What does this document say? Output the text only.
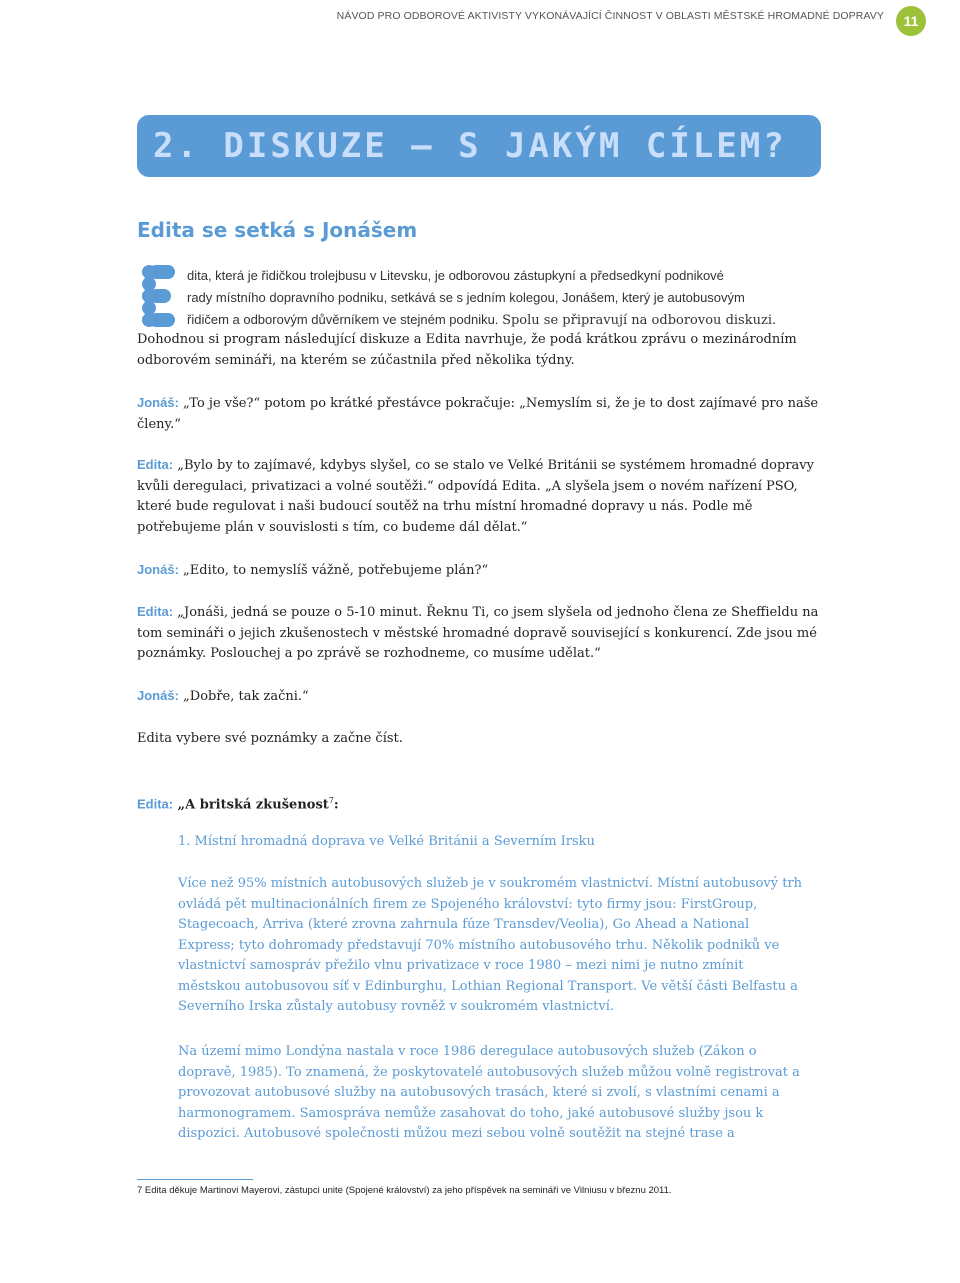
NÁVOD PRO ODBOROVÉ AKTIVISTY VYKONÁVAJÍCÍ ČINNOST V OBLASTI MĚSTSKÉ HROMADNÉ DOPRAVY	11
2. DISKUZE – S JAKÝM CÍLEM?
Edita se setká s Jonášem
dita, která je řidičkou trolejbusu v Litevsku, je odborovou zástupkyní a předsedkyní podnikové
rady místního dopravního podniku, setkává se s jedním kolegou, Jonášem, který je autobusovým
řidičem a odborovým důvěrníkem ve stejném podniku. Spolu se připravují na odborovou diskuzi.
Dohodnou si program následující diskuze a Edita navrhuje, že podá krátkou zprávu o mezinárodním odborovém semináři, na kterém se zúčastnila před několika týdny.
Jonáš: „To je vše?“ potom po krátké přestávce pokračuje: „Nemyslím si, že je to dost zajímavé pro naše členy.“
Edita: „Bylo by to zajímavé, kdybys slyšel, co se stalo ve Velké Británii se systémem hromadné dopravy kvůli deregulaci, privatizaci a volné soutěži.“ odpovídá Edita. „A slyšela jsem o novém nařízení PSO, které bude regulovat i naši budoucí soutěž na trhu místní hromadné dopravy u nás. Podle mě potřebujeme plán v souvislosti s tím, co budeme dál dělat.“
Jonáš: „Edito, to nemyslíš vážně, potřebujeme plán?“
Edita: „Jonáši, jedná se pouze o 5-10 minut. Řeknu Ti, co jsem slyšela od jednoho člena ze Sheffieldu na tom semináři o jejich zkušenostech v městské hromadné dopravě související s konkurencí. Zde jsou mé poznámky. Poslouchej a po zprávě se rozhodneme, co musíme udělat.“
Jonáš: „Dobře, tak začni.“
Edita vybere své poznámky a začne číst.
Edita: „A britská zkušenost$^7$:
1. Místní hromadná doprava ve Velké Británii a Severním Irsku
Více než 95% místních autobusových služeb je v soukromém vlastnictví. Místní autobusový trh ovládá pět multinacionálních firem ze Spojeného království: tyto firmy jsou: FirstGroup, Stagecoach, Arriva (které zrovna zahrnula fúze Transdev/Veolia), Go Ahead a National Express; tyto dohromady představují 70% místního autobusového trhu. Několik podniků ve vlastnictví samospráv přežilo vlnu privatizace v roce 1980 – mezi nimi je nutno zmínit městskou autobusovou síť v Edinburghu, Lothian Regional Transport. Ve větší části Belfastu a Severního Irska zůstaly autobusy rovněž v soukromém vlastnictví.
Na území mimo Londýna nastala v roce 1986 deregulace autobusových služeb (Zákon o dopravě, 1985). To znamená, že poskytovatelé autobusových služeb můžou volně registrovat a provozovat autobusové služby na autobusových trasách, které si zvolí, s vlastními cenami a harmonogramem. Samospráva nemůže zasahovat do toho, jaké autobusové služby jsou k dispozici. Autobusové společnosti můžou mezi sebou volně soutěžit na stejné trase a
7 Edita děkuje Martinovi Mayerovi, zástupci unite (Spojené království) za jeho příspěvek na semináři ve Vilniusu v březnu 2011.
